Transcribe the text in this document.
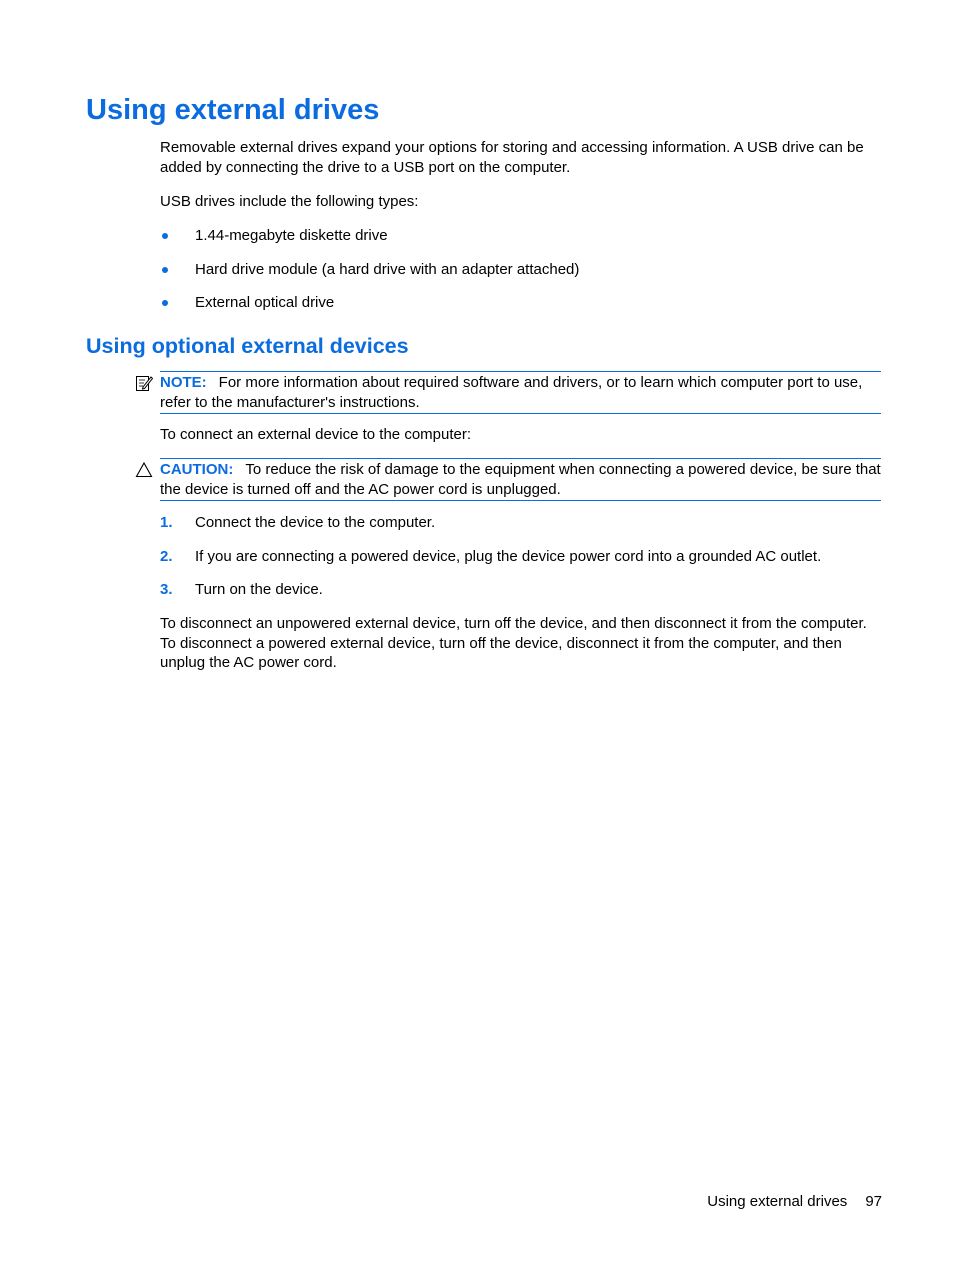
Using external drives

Removable external drives expand your options for storing and accessing information. A USB drive can be added by connecting the drive to a USB port on the computer.

USB drives include the following types:

1.44-megabyte diskette drive
Hard drive module (a hard drive with an adapter attached)
External optical drive
Using optional external devices
NOTE: For more information about required software and drivers, or to learn which computer port to use, refer to the manufacturer's instructions.

To connect an external device to the computer:

CAUTION: To reduce the risk of damage to the equipment when connecting a powered device, be sure that the device is turned off and the AC power cord is unplugged.
1. Connect the device to the computer.
2. If you are connecting a powered device, plug the device power cord into a grounded AC outlet.
3. Turn on the device.

To disconnect an unpowered external device, turn off the device, and then disconnect it from the computer. To disconnect a powered external device, turn off the device, disconnect it from the computer, and then unplug the AC power cord.

Using external drives 97
